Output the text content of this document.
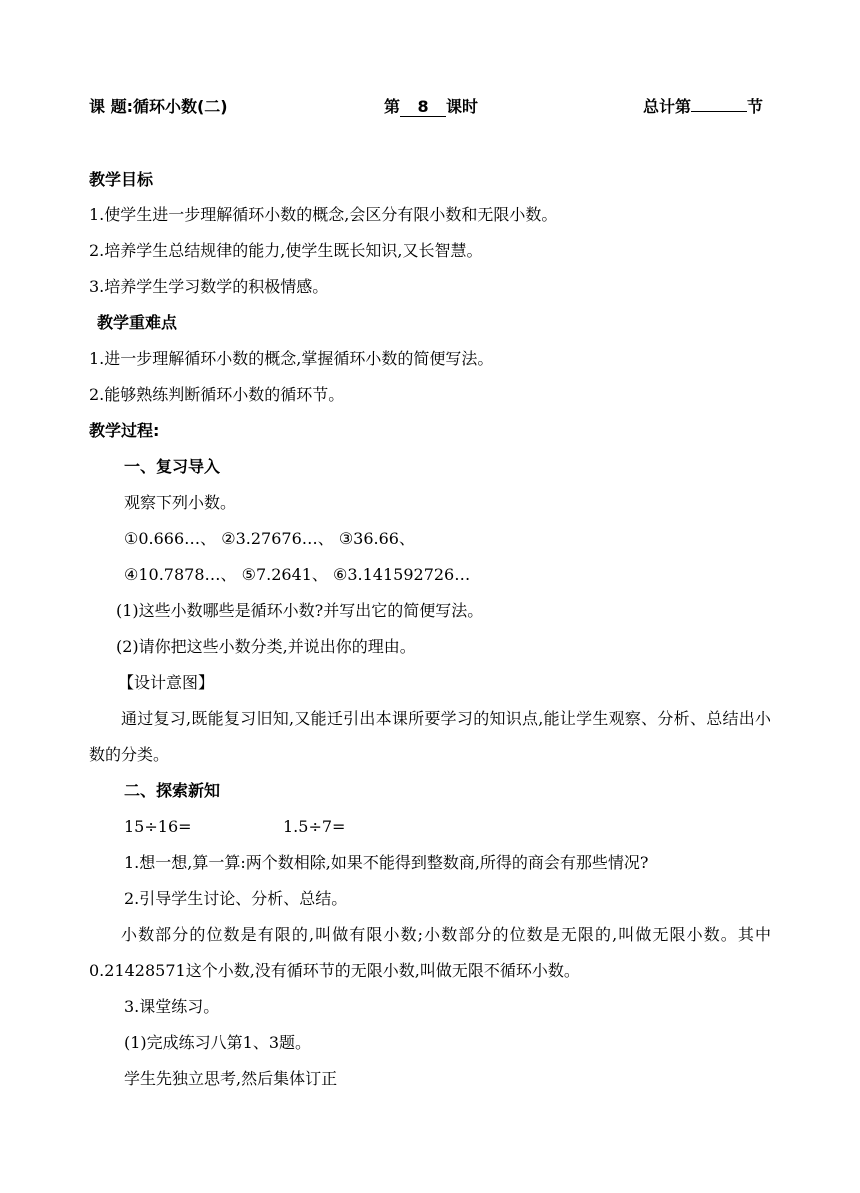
课 题:循环小数(二)	第 8 课时	总计第	节
教学目标
1.使学生进一步理解循环小数的概念,会区分有限小数和无限小数。
2.培养学生总结规律的能力,使学生既长知识,又长智慧。
3.培养学生学习数学的积极情感。
教学重难点
1.进一步理解循环小数的概念,掌握循环小数的简便写法。
2.能够熟练判断循环小数的循环节。
教学过程:
一、复习导入
观察下列小数。
①0.666…、 ②3.27676…、 ③36.66、
④10.7878…、 ⑤7.2641、 ⑥3.141592726…
(1)这些小数哪些是循环小数?并写出它的简便写法。
(2)请你把这些小数分类,并说出你的理由。
【设计意图】
通过复习,既能复习旧知,又能迁引出本课所要学习的知识点,能让学生观察、分析、总结出小数的分类。
二、探索新知
15÷16=	1.5÷7=
1.想一想,算一算:两个数相除,如果不能得到整数商,所得的商会有那些情况?
2.引导学生讨论、分析、总结。
小数部分的位数是有限的,叫做有限小数;小数部分的位数是无限的,叫做无限小数。其中0.21428571这个小数,没有循环节的无限小数,叫做无限不循环小数。
3.课堂练习。
(1)完成练习八第1、3题。
学生先独立思考,然后集体订正
